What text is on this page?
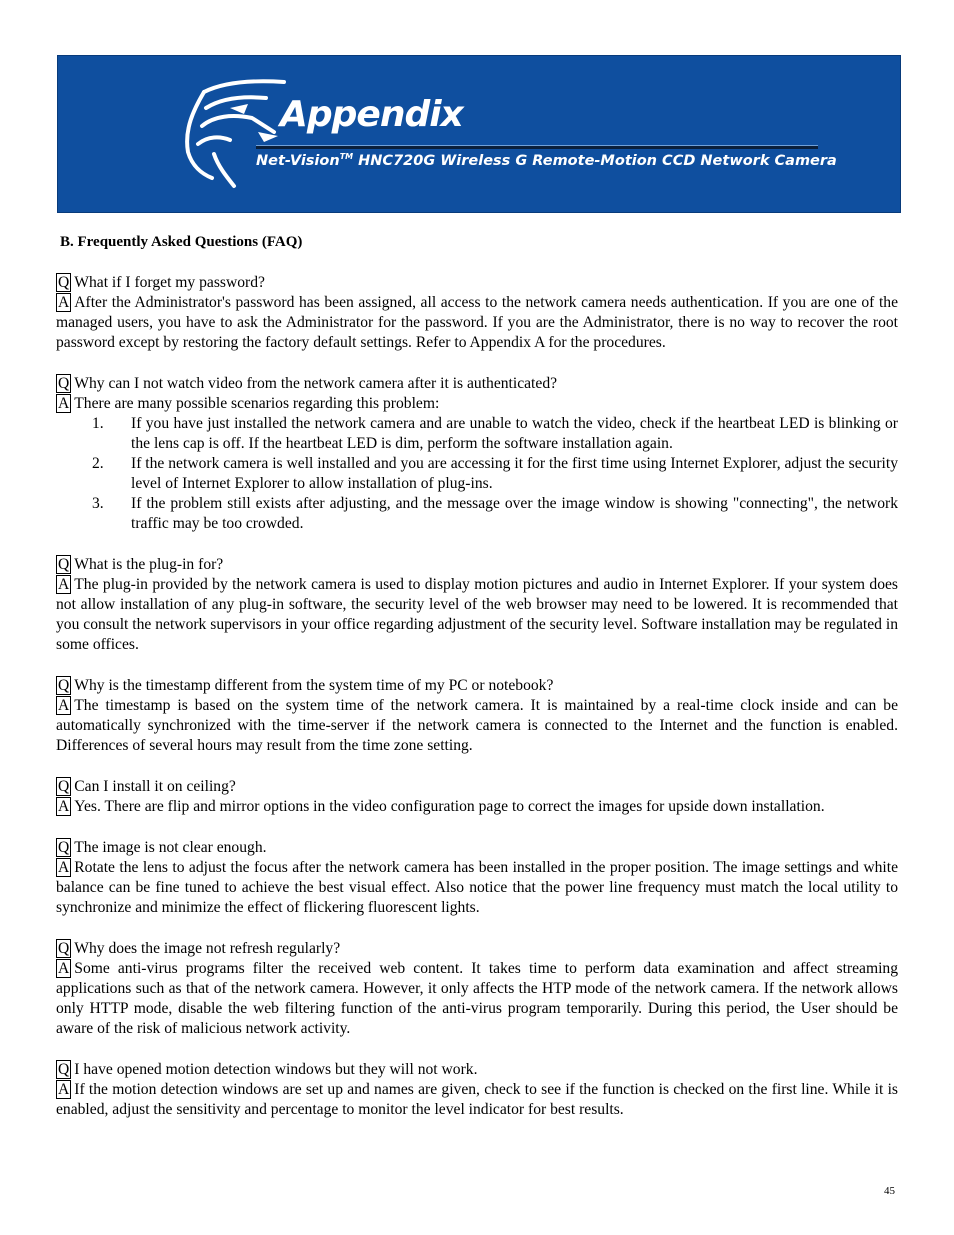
Appendix
Net-Vision™ HNC720G Wireless G Remote-Motion CCD Network Camera
B. Frequently Asked Questions (FAQ)
Q What if I forget my password?
A After the Administrator's password has been assigned, all access to the network camera needs authentication. If you are one of the managed users, you have to ask the Administrator for the password. If you are the Administrator, there is no way to recover the root password except by restoring the factory default settings. Refer to Appendix A for the procedures.
Q Why can I not watch video from the network camera after it is authenticated?
A There are many possible scenarios regarding this problem:
1. If you have just installed the network camera and are unable to watch the video, check if the heartbeat LED is blinking or the lens cap is off. If the heartbeat LED is dim, perform the software installation again.
2. If the network camera is well installed and you are accessing it for the first time using Internet Explorer, adjust the security level of Internet Explorer to allow installation of plug-ins.
3. If the problem still exists after adjusting, and the message over the image window is showing "connecting", the network traffic may be too crowded.
Q What is the plug-in for?
A The plug-in provided by the network camera is used to display motion pictures and audio in Internet Explorer. If your system does not allow installation of any plug-in software, the security level of the web browser may need to be lowered. It is recommended that you consult the network supervisors in your office regarding adjustment of the security level. Software installation may be regulated in some offices.
Q Why is the timestamp different from the system time of my PC or notebook?
A The timestamp is based on the system time of the network camera. It is maintained by a real-time clock inside and can be automatically synchronized with the time-server if the network camera is connected to the Internet and the function is enabled. Differences of several hours may result from the time zone setting.
Q Can I install it on ceiling?
A Yes. There are flip and mirror options in the video configuration page to correct the images for upside down installation.
Q The image is not clear enough.
A Rotate the lens to adjust the focus after the network camera has been installed in the proper position. The image settings and white balance can be fine tuned to achieve the best visual effect. Also notice that the power line frequency must match the local utility to synchronize and minimize the effect of flickering fluorescent lights.
Q Why does the image not refresh regularly?
A Some anti-virus programs filter the received web content. It takes time to perform data examination and affect streaming applications such as that of the network camera. However, it only affects the HTP mode of the network camera. If the network allows only HTTP mode, disable the web filtering function of the anti-virus program temporarily. During this period, the User should be aware of the risk of malicious network activity.
Q I have opened motion detection windows but they will not work.
A If the motion detection windows are set up and names are given, check to see if the function is checked on the first line. While it is enabled, adjust the sensitivity and percentage to monitor the level indicator for best results.
45
